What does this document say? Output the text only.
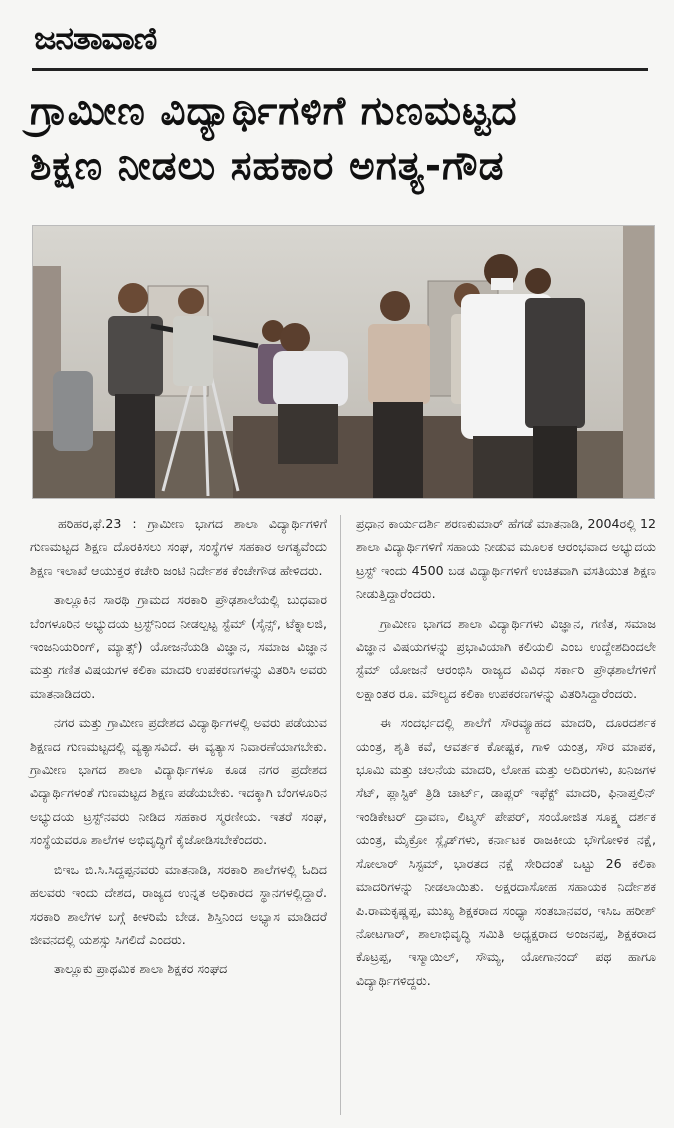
ಜನತಾವಾಣಿ
ಗ್ರಾಮೀಣ ವಿದ್ಯಾರ್ಥಿಗಳಿಗೆ ಗುಣಮಟ್ಟದ
ಶಿಕ್ಷಣ ನೀಡಲು ಸಹಕಾರ ಅಗತ್ಯ-ಗೌಡ

ಹರಿಹರ,ಫೆ.23 : ಗ್ರಾಮೀಣ ಭಾಗದ ಶಾಲಾ ವಿದ್ಯಾರ್ಥಿಗಳಿಗೆ ಗುಣಮಟ್ಟದ ಶಿಕ್ಷಣ ದೊರಕಿಸಲು ಸಂಘ, ಸಂಸ್ಥೆಗಳ ಸಹಕಾರ ಅಗತ್ಯವೆಂದು ಶಿಕ್ಷಣ ಇಲಾಖೆ ಆಯುಕ್ತರ ಕಚೇರಿ ಜಂಟಿ ನಿರ್ದೇಶಕ ಕೆಂಚೇಗೌಡ ಹೇಳಿದರು.

ತಾಲ್ಲೂಕಿನ ಸಾರಥಿ ಗ್ರಾಮದ ಸರಕಾರಿ ಪ್ರೌಢಶಾಲೆಯಲ್ಲಿ ಬುಧವಾರ ಬೆಂಗಳೂರಿನ ಅಭ್ಯುದಯ ಟ್ರಸ್ಟ್‌ನಿಂದ ನೀಡಲ್ಪಟ್ಟ ಸ್ಟೆಮ್ (ಸೈನ್ಸ್, ಟೆಕ್ನಾಲಜಿ, ಇಂಜನಿಯರಿಂಗ್, ಮ್ಯಾತ್ಸ್) ಯೋಜನೆಯಡಿ ವಿಜ್ಞಾನ, ಸಮಾಜ ವಿಜ್ಞಾನ ಮತ್ತು ಗಣಿತ ವಿಷಯಗಳ ಕಲಿಕಾ ಮಾದರಿ ಉಪಕರಣಗಳನ್ನು ವಿತರಿಸಿ ಅವರು ಮಾತನಾಡಿದರು.

ನಗರ ಮತ್ತು ಗ್ರಾಮೀಣ ಪ್ರದೇಶದ ವಿದ್ಯಾರ್ಥಿಗಳಲ್ಲಿ ಅವರು ಪಡೆಯುವ ಶಿಕ್ಷಣದ ಗುಣಮಟ್ಟದಲ್ಲಿ ವ್ಯತ್ಯಾಸವಿದೆ. ಈ ವ್ಯತ್ಯಾಸ ನಿವಾರಣೆಯಾಗಬೇಕು. ಗ್ರಾಮೀಣ ಭಾಗದ ಶಾಲಾ ವಿದ್ಯಾರ್ಥಿಗಳೂ ಕೂಡ ನಗರ ಪ್ರದೇಶದ ವಿದ್ಯಾರ್ಥಿಗಳಂತೆ ಗುಣಮಟ್ಟದ ಶಿಕ್ಷಣ ಪಡೆಯಬೇಕು. ಇದಕ್ಕಾಗಿ ಬೆಂಗಳೂರಿನ ಅಭ್ಯುದಯ ಟ್ರಸ್ಟ್‌ನವರು ನೀಡಿದ ಸಹಕಾರ ಸ್ಮರಣೀಯ. ಇತರೆ ಸಂಘ, ಸಂಸ್ಥೆಯವರೂ ಶಾಲೆಗಳ ಅಭಿವೃದ್ಧಿಗೆ ಕೈಜೋಡಿಸಬೇಕೆಂದರು.

ಬಿಇಒ ಬಿ.ಸಿ.ಸಿದ್ದಪ್ಪನವರು ಮಾತನಾಡಿ, ಸರಕಾರಿ ಶಾಲೆಗಳಲ್ಲಿ ಓದಿದ ಹಲವರು ಇಂದು ದೇಶದ, ರಾಜ್ಯದ ಉನ್ನತ ಅಧಿಕಾರದ ಸ್ಥಾನಗಳಲ್ಲಿದ್ದಾರೆ. ಸರಕಾರಿ ಶಾಲೆಗಳ ಬಗ್ಗೆ ಕೀಳರಿಮೆ ಬೇಡ. ಶಿಸ್ತಿನಿಂದ ಅಭ್ಯಾಸ ಮಾಡಿದರೆ ಜೀವನದಲ್ಲಿ ಯಶಸ್ಸು ಸಿಗಲಿದೆ ಎಂದರು.

ತಾಲ್ಲೂಕು ಪ್ರಾಥಮಿಕ ಶಾಲಾ ಶಿಕ್ಷಕರ ಸಂಘದ

ಪ್ರಧಾನ ಕಾರ್ಯದರ್ಶಿ ಶರಣಕುಮಾರ್ ಹೆಗಡೆ ಮಾತನಾಡಿ, 2004ರಲ್ಲಿ 12 ಶಾಲಾ ವಿದ್ಯಾರ್ಥಿಗಳಿಗೆ ಸಹಾಯ ನೀಡುವ ಮೂಲಕ ಆರಂಭವಾದ ಅಭ್ಯುದಯ ಟ್ರಸ್ಟ್ ಇಂದು 4500 ಬಡ ವಿದ್ಯಾರ್ಥಿಗಳಿಗೆ ಉಚಿತವಾಗಿ ವಸತಿಯುತ ಶಿಕ್ಷಣ ನೀಡುತ್ತಿದ್ದಾರೆಂದರು.

ಗ್ರಾಮೀಣ ಭಾಗದ ಶಾಲಾ ವಿದ್ಯಾರ್ಥಿಗಳು ವಿಜ್ಞಾನ, ಗಣಿತ, ಸಮಾಜ ವಿಜ್ಞಾನ ವಿಷಯಗಳನ್ನು ಪ್ರಭಾವಿಯಾಗಿ ಕಲಿಯಲಿ ಎಂಬ ಉದ್ದೇಶದಿಂದಲೇ ಸ್ಟೆಮ್ ಯೋಜನೆ ಆರಂಭಿಸಿ ರಾಜ್ಯದ ವಿವಿಧ ಸರ್ಕಾರಿ ಪ್ರೌಢಶಾಲೆಗಳಿಗೆ ಲಕ್ಷಾಂತರ ರೂ. ಮೌಲ್ಯದ ಕಲಿಕಾ ಉಪಕರಣಗಳನ್ನು ವಿತರಿಸಿದ್ದಾರೆಂದರು.

ಈ ಸಂದರ್ಭದಲ್ಲಿ ಶಾಲೆಗೆ ಸೌರವ್ಯೂಹದ ಮಾದರಿ, ದೂರದರ್ಶಕ ಯಂತ್ರ, ಶೃತಿ ಕವೆ, ಆವರ್ತಕ ಕೋಷ್ಟಕ, ಗಾಳಿ ಯಂತ್ರ, ಸೌರ ಮಾಪಕ, ಭೂಮಿ ಮತ್ತು ಚಲನೆಯ ಮಾದರಿ, ಲೋಹ ಮತ್ತು ಅದಿರುಗಳು, ಖನಿಜಗಳ ಸೆಟ್, ಪ್ಲಾಸ್ಟಿಕ್ ತ್ರಿಡಿ ಚಾರ್ಟ್, ಡಾಪ್ಲರ್ ಇಫೆಕ್ಟ್ ಮಾದರಿ, ಫಿನಾಪ್ತಲಿನ್ ಇಂಡಿಕೇಟರ್ ದ್ರಾವಣ, ಲಿಟ್ಮಸ್ ಪೇಪರ್, ಸಂಯೋಜಿತ ಸೂಕ್ಷ್ಮ ದರ್ಶಕ ಯಂತ್ರ, ಮೈಕ್ರೋ ಸ್ಲೈಡ್‌ಗಳು, ಕರ್ನಾಟಕ ರಾಜಕೀಯ ಭೌಗೋಳಿಕ ನಕ್ಷೆ, ಸೋಲಾರ್ ಸಿಸ್ಟಮ್, ಭಾರತದ ನಕ್ಷೆ ಸೇರಿದಂತೆ ಒಟ್ಟು 26 ಕಲಿಕಾ ಮಾದರಿಗಳನ್ನು ನೀಡಲಾಯಿತು. ಅಕ್ಷರದಾಸೋಹ ಸಹಾಯಕ ನಿರ್ದೇಶಕ ಪಿ.ರಾಮಕೃಷ್ಣಪ್ಪ, ಮುಖ್ಯ ಶಿಕ್ಷಕರಾದ ಸಂಧ್ಯಾ ಸಂತಬಾನವರ, ಇಸಿಒ ಹರೀಶ್ ನೋಟಗಾರ್, ಶಾಲಾಭಿವೃದ್ಧಿ ಸಮಿತಿ ಅಧ್ಯಕ್ಷರಾದ ಅಂಜನಪ್ಪ, ಶಿಕ್ಷಕರಾದ ಕೊಟ್ರಪ್ಪ, ಇಸ್ಮಾಯಿಲ್, ಸೌಮ್ಯ, ಯೋಗಾನಂದ್ ಪಥ ಹಾಗೂ ವಿದ್ಯಾರ್ಥಿಗಳಿದ್ದರು.
